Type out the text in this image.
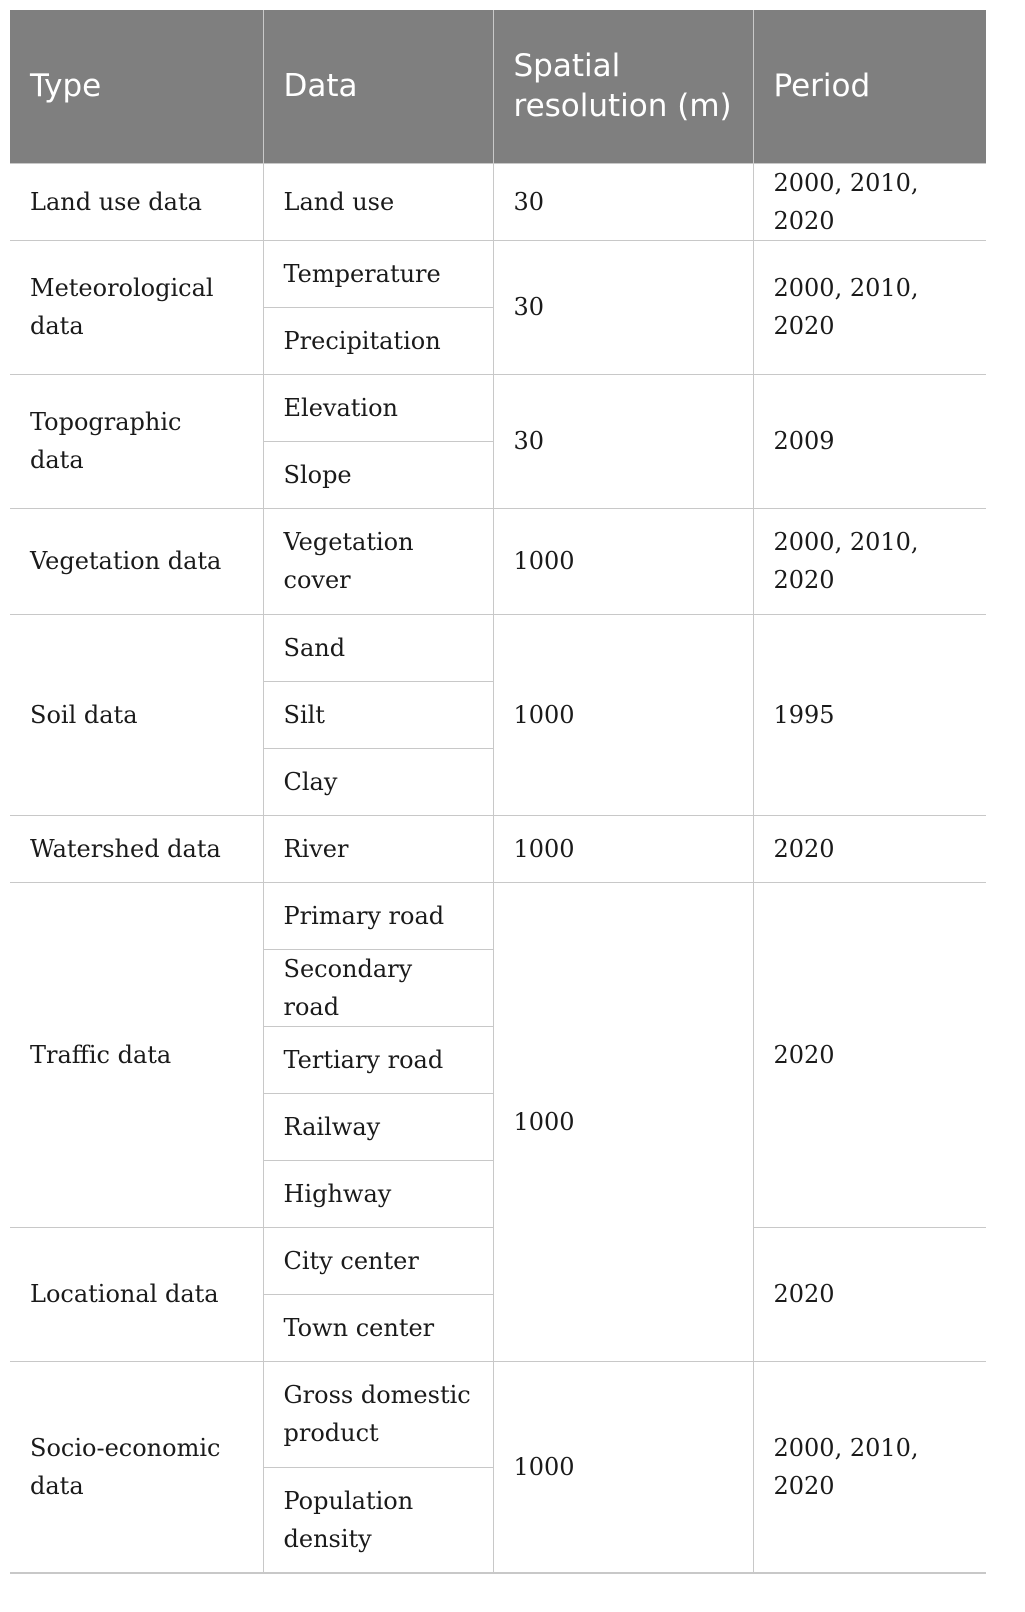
Type	Data	Spatial resolution (m)	Period
Land use data	Land use	30	2000, 2010, 2020
Meteorological data	Temperature	30	2000, 2010, 2020
	Precipitation		
Topographic data	Elevation	30	2009
	Slope		
Vegetation data	Vegetation cover	1000	2000, 2010, 2020
Soil data	Sand	1000	1995
	Silt		
	Clay		
Watershed data	River	1000	2020
Traffic data	Primary road	1000	2020
	Secondary road		
	Tertiary road		
	Railway		
	Highway		
Locational data	City center		2020
	Town center		
Socio-economic data	Gross domestic product	1000	2000, 2010, 2020
	Population density		
